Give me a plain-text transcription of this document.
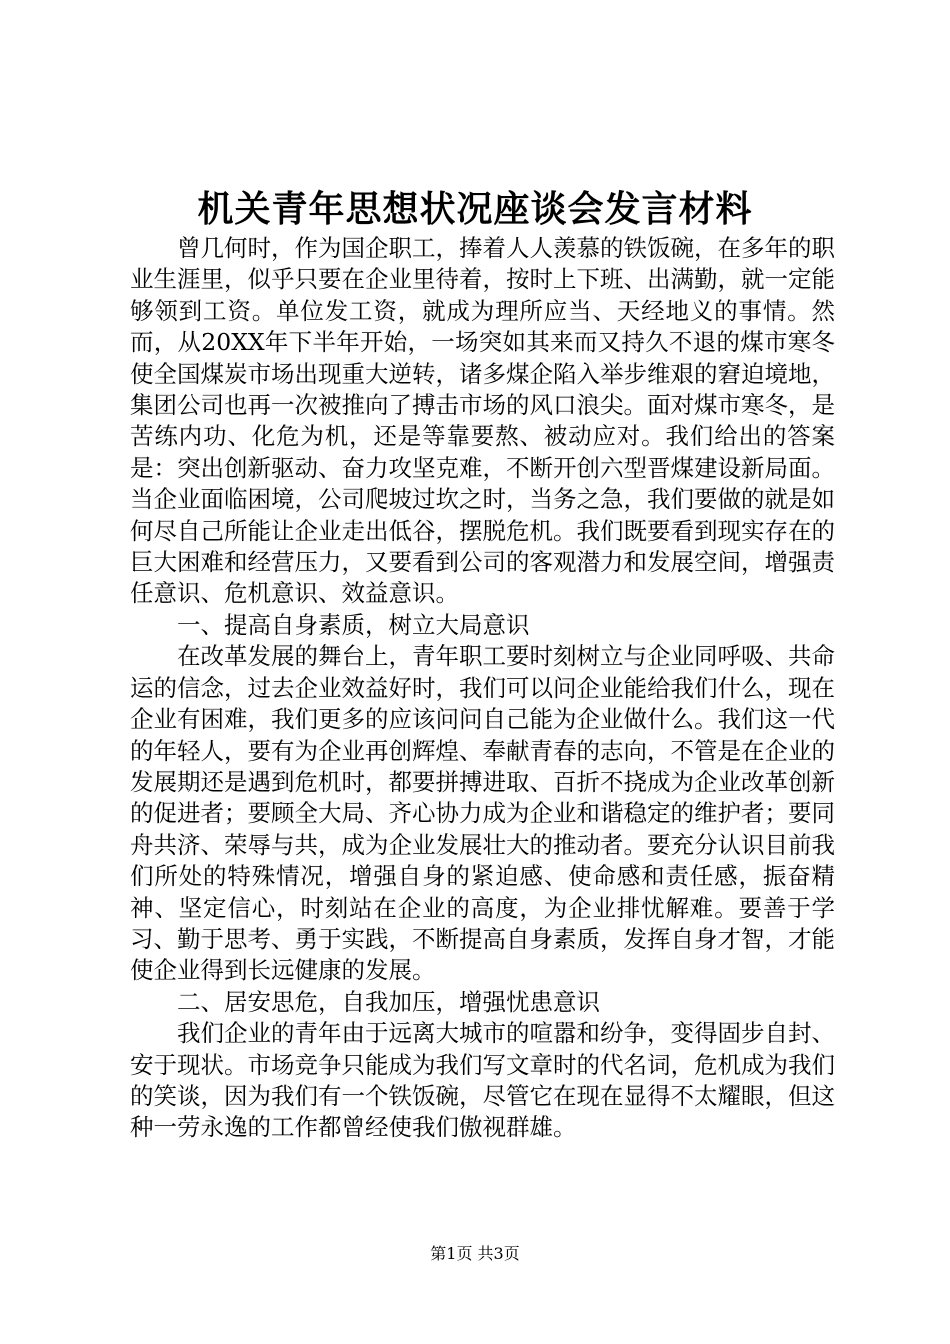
机关青年思想状况座谈会发言材料

曾几何时，作为国企职工，捧着人人羡慕的铁饭碗，在多年的职业生涯里，似乎只要在企业里待着，按时上下班、出满勤，就一定能够领到工资。单位发工资，就成为理所应当、天经地义的事情。然而，从20XX年下半年开始，一场突如其来而又持久不退的煤市寒冬使全国煤炭市场出现重大逆转，诸多煤企陷入举步维艰的窘迫境地，集团公司也再一次被推向了搏击市场的风口浪尖。面对煤市寒冬，是苦练内功、化危为机，还是等靠要熬、被动应对。我们给出的答案是：突出创新驱动、奋力攻坚克难，不断开创六型晋煤建设新局面。当企业面临困境，公司爬坡过坎之时，当务之急，我们要做的就是如何尽自己所能让企业走出低谷，摆脱危机。我们既要看到现实存在的巨大困难和经营压力，又要看到公司的客观潜力和发展空间，增强责任意识、危机意识、效益意识。

一、提高自身素质，树立大局意识

在改革发展的舞台上，青年职工要时刻树立与企业同呼吸、共命运的信念，过去企业效益好时，我们可以问企业能给我们什么，现在企业有困难，我们更多的应该问问自己能为企业做什么。我们这一代的年轻人，要有为企业再创辉煌、奉献青春的志向，不管是在企业的发展期还是遇到危机时，都要拼搏进取、百折不挠成为企业改革创新的促进者；要顾全大局、齐心协力成为企业和谐稳定的维护者；要同舟共济、荣辱与共，成为企业发展壮大的推动者。要充分认识目前我们所处的特殊情况，增强自身的紧迫感、使命感和责任感，振奋精神、坚定信心，时刻站在企业的高度，为企业排忧解难。要善于学习、勤于思考、勇于实践，不断提高自身素质，发挥自身才智，才能使企业得到长远健康的发展。

二、居安思危，自我加压，增强忧患意识

我们企业的青年由于远离大城市的喧嚣和纷争，变得固步自封、安于现状。市场竞争只能成为我们写文章时的代名词，危机成为我们的笑谈，因为我们有一个铁饭碗，尽管它在现在显得不太耀眼，但这种一劳永逸的工作都曾经使我们傲视群雄。

第1页 共3页
